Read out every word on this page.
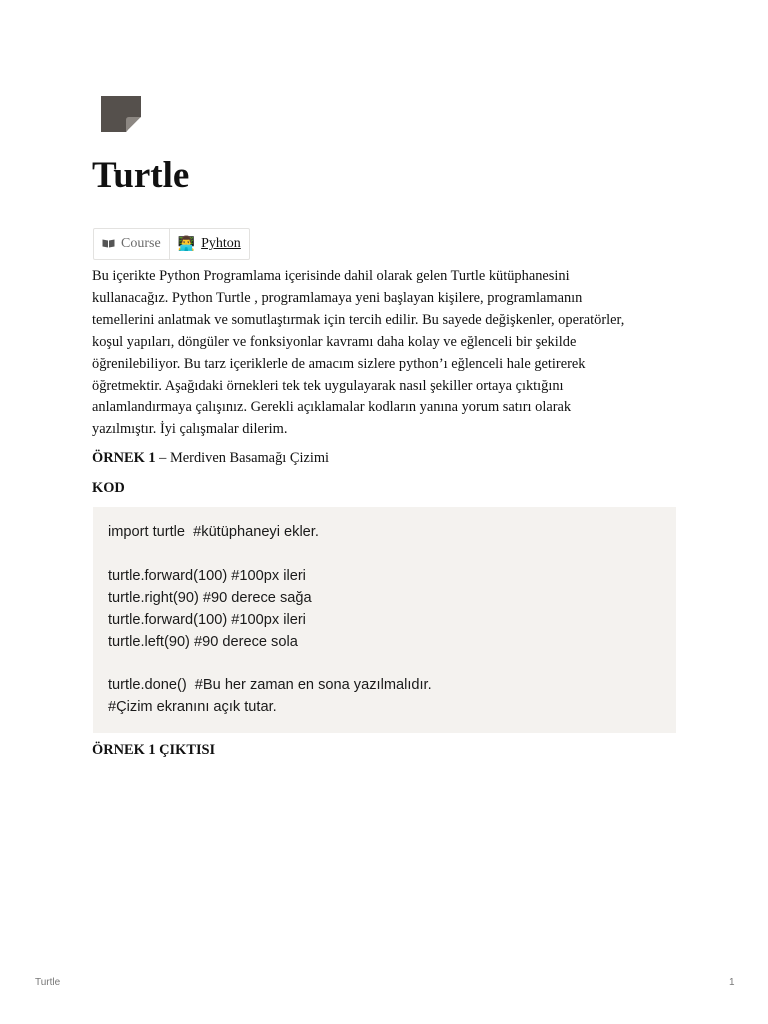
Turtle
Course 👨‍💻 Pyhton
Bu içerikte Python Programlama içerisinde dahil olarak gelen Turtle kütüphanesini
kullanacağız. Python Turtle , programlamaya yeni başlayan kişilere, programlamanın
temellerini anlatmak ve somutlaştırmak için tercih edilir. Bu sayede değişkenler, operatörler,
koşul yapıları, döngüler ve fonksiyonlar kavramı daha kolay ve eğlenceli bir şekilde
öğrenilebiliyor. Bu tarz içeriklerle de amacım sizlere python’ı eğlenceli hale getirerek
öğretmektir. Aşağıdaki örnekleri tek tek uygulayarak nasıl şekiller ortaya çıktığını
anlamlandırmaya çalışınız. Gerekli açıklamalar kodların yanına yorum satırı olarak
yazılmıştır. İyi çalışmalar dilerim.

ÖRNEK 1 – Merdiven Basamağı Çizimi

KOD

import turtle  #kütüphaneyi ekler.
turtle.forward(100) #100px ileri
turtle.right(90) #90 derece sağa
turtle.forward(100) #100px ileri
turtle.left(90) #90 derece sola
turtle.done()  #Bu her zaman en sona yazılmalıdır.
#Çizim ekranını açık tutar.

ÖRNEK 1 ÇIKTISI

Turtle	1
